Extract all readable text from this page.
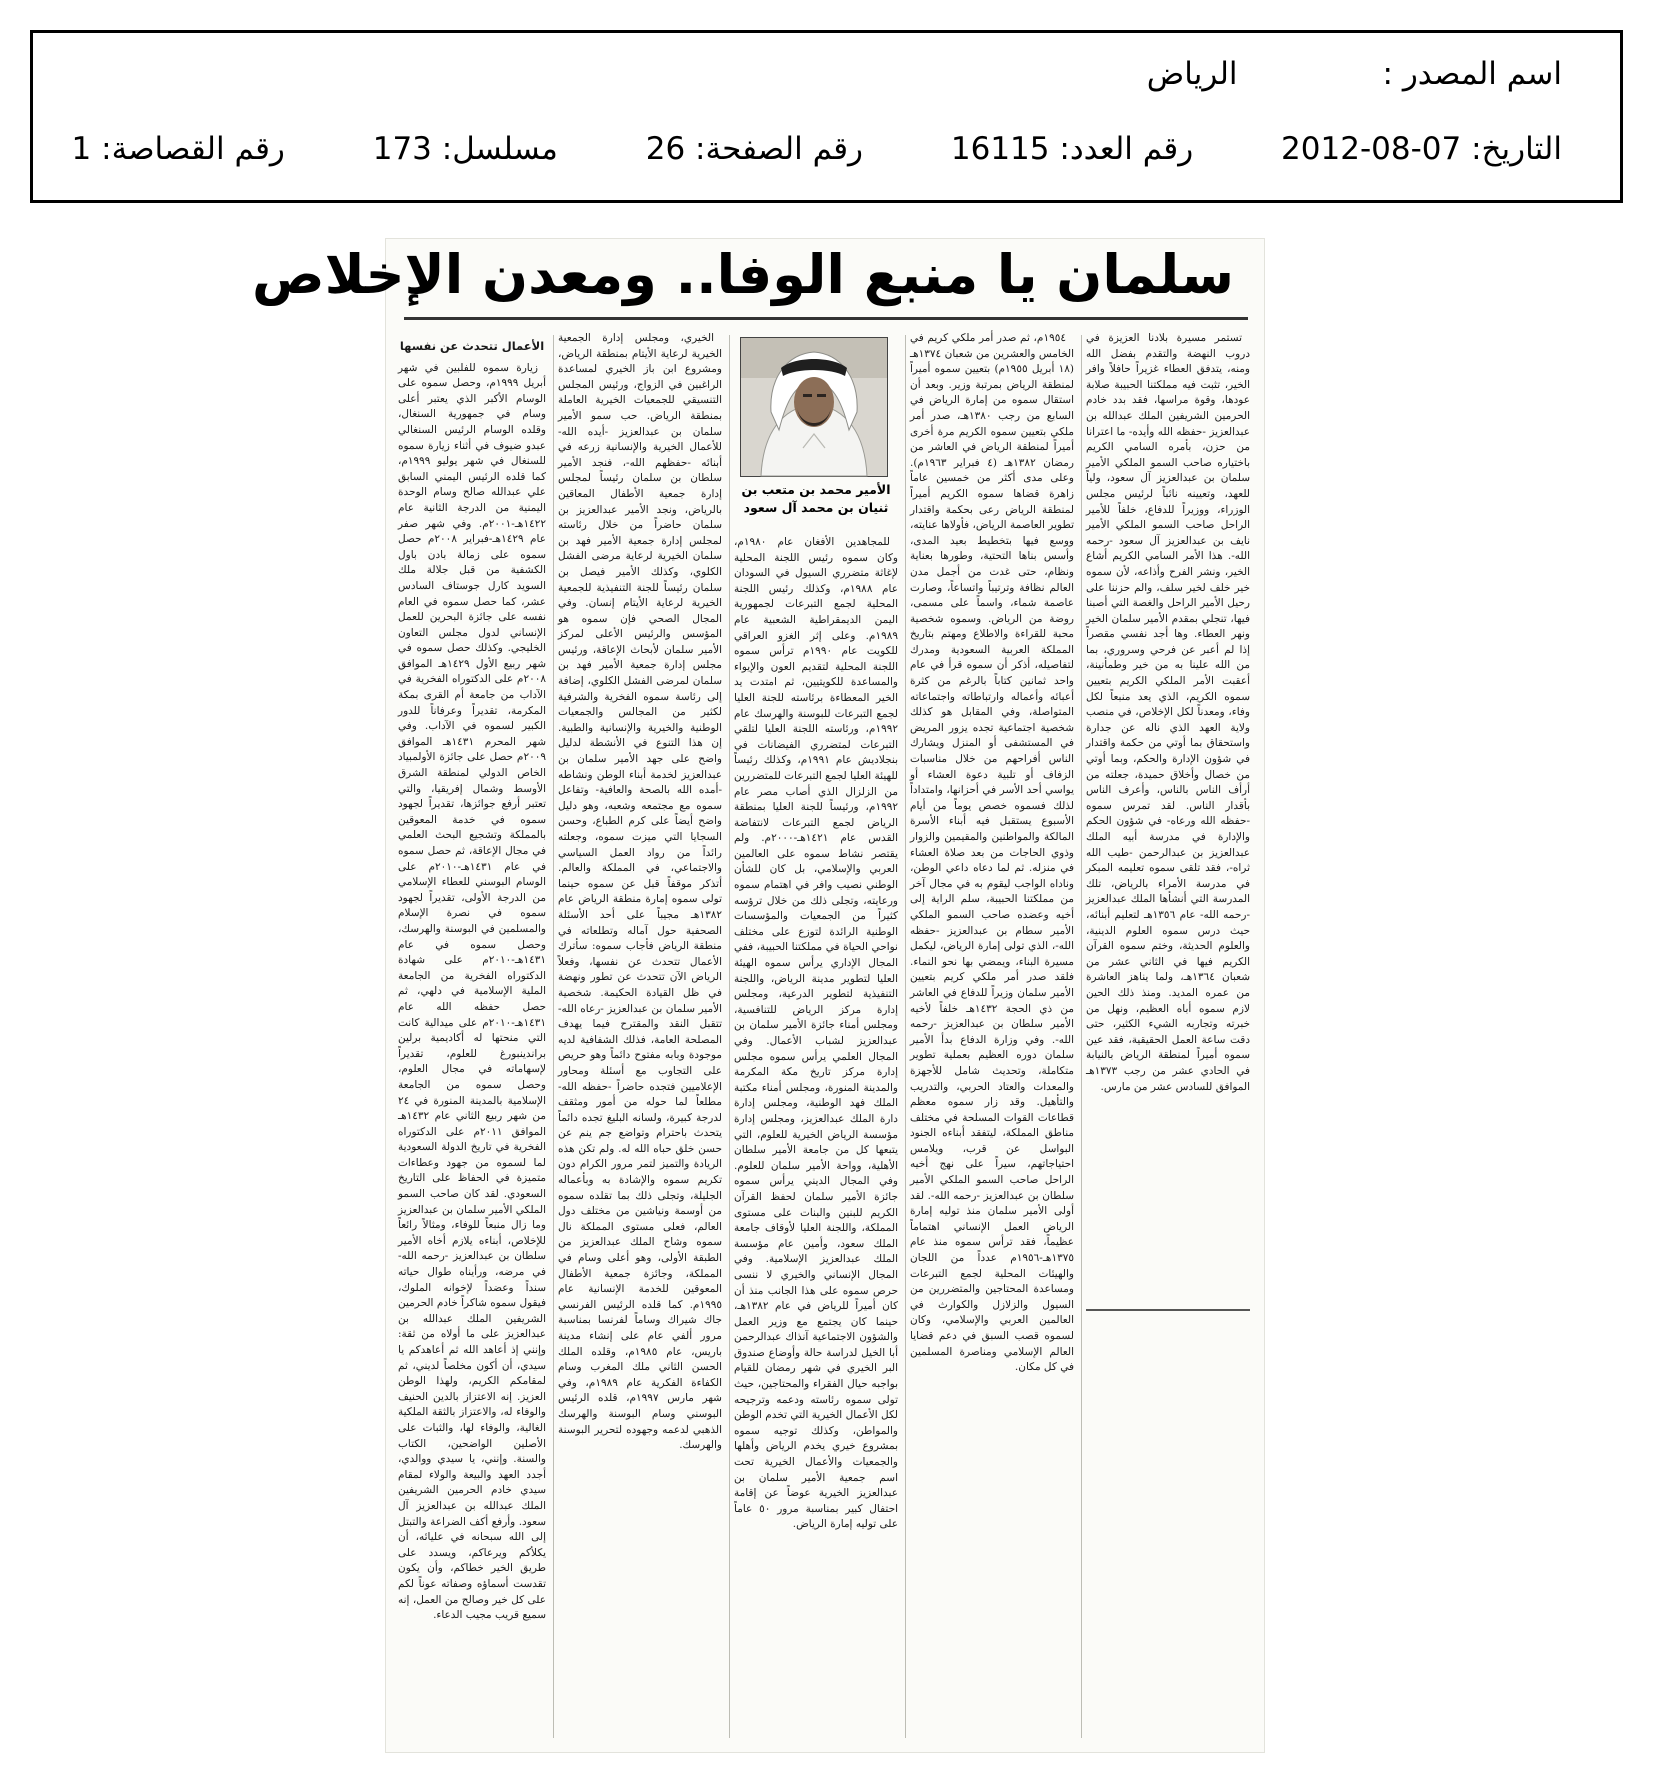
اسم المصدر :الرياض
التاريخ: 2012-08-07 رقم العدد: 16115 رقم الصفحة: 26 مسلسل: 173 رقم القصاصة: 1
سلمان يا منبع الوفا.. ومعدن الإخلاص

تستمر مسيرة بلادنا العزيزة في دروب النهضة والتقدم بفضل الله ومنه، يتدفق العطاء غزيراً حافلاً وافر الخير، تثبت فيه مملكتنا الحبيبة صلابة عودها، وقوة مراسها، فقد بدد خادم الحرمين الشريفين الملك عبدالله بن عبدالعزيز -حفظه الله وأيده- ما اعترانا من حزن، بأمره السامي الكريم باختياره صاحب السمو الملكي الأمير سلمان بن عبدالعزيز آل سعود، ولياً للعهد، وتعيينه نائباً لرئيس مجلس الوزراء، ووزيراً للدفاع، خلفاً للأمير الراحل صاحب السمو الملكي الأمير نايف بن عبدالعزيز آل سعود -رحمه الله-. هذا الأمر السامي الكريم أشاع الخير، ونشر الفرح وأذاعه، لأن سموه خير خلف لخير سلف، والم حزننا على رحيل الأمير الراحل والغصة التي أصبنا فيها، تنجلي بمقدم الأمير سلمان الخير ونهر العطاء. وها أجد نفسي مقصراً إذا لم أعبر عن فرحي وسروري، بما من الله علينا به من خير وطمأنينة، أعقبت الأمر الملكي الكريم بتعيين سموه الكريم، الذي يعد منبعاً لكل وفاء، ومعدناً لكل الإخلاص، في منصب ولاية العهد الذي ناله عن جدارة واستحقاق بما أوتي من حكمة واقتدار في شؤون الإدارة والحكم، وبما أوتي من خصال وأخلاق حميدة، جعلته من أرأف الناس بالناس، وأعرف الناس بأقدار الناس. لقد تمرس سموه -حفظه الله ورعاه- في شؤون الحكم والإدارة في مدرسة أبيه الملك عبدالعزيز بن عبدالرحمن -طيب الله ثراه-، فقد تلقى سموه تعليمه المبكر في مدرسة الأمراء بالرياض، تلك المدرسة التي أنشأها الملك عبدالعزيز -رحمه الله- عام ١٣٥٦هـ لتعليم أبنائه، حيث درس سموه العلوم الدينية، والعلوم الحديثة، وختم سموه القرآن الكريم فيها في الثاني عشر من شعبان ١٣٦٤هـ، ولما يناهز العاشرة من عمره المديد. ومنذ ذلك الحين لازم سموه أباه العظيم، ونهل من خبرته وتجاربه الشيء الكثير، حتى دقت ساعة العمل الحقيقية، فقد عين سموه أميراً لمنطقة الرياض بالنيابة في الحادي عشر من رجب ١٣٧٣هـ الموافق للسادس عشر من مارس.

١٩٥٤م، ثم صدر أمر ملكي كريم في الخامس والعشرين من شعبان ١٣٧٤هـ (١٨ أبريل ١٩٥٥م) بتعيين سموه أميراً لمنطقة الرياض بمرتبة وزير. وبعد أن استقال سموه من إمارة الرياض في السابع من رجب ١٣٨٠هـ، صدر أمر ملكي بتعيين سموه الكريم مرة أخرى أميراً لمنطقة الرياض في العاشر من رمضان ١٣٨٢هـ (٤ فبراير ١٩٦٣م). وعلى مدى أكثر من خمسين عاماً زاهرة قضاها سموه الكريم أميراً لمنطقة الرياض رعى بحكمة واقتدار تطوير العاصمة الرياض، فأولاها عنايته، ووسع فيها بتخطيط بعيد المدى، وأسس بناها التحتية، وطورها بعناية ونظام، حتى غدت من أجمل مدن العالم نظافة وترتيباً واتساعاً، وصارت عاصمة شماء، واسماً على مسمى، روضة من الرياض. وسموه شخصية محبة للقراءة والاطلاع ومهتم بتاريخ المملكة العربية السعودية ومدرك لتفاصيله، أذكر أن سموه قرأ في عام واحد ثمانين كتاباً بالرغم من كثرة أعبائه وأعماله وارتباطاته واجتماعاته المتواصلة، وفي المقابل هو كذلك شخصية اجتماعية تجده يزور المريض في المستشفى أو المنزل ويشارك الناس أفراحهم من خلال مناسبات الزفاف أو تلبية دعوة العشاء أو يواسي أحد الأسر في أحزانها، وامتداداً لذلك فسموه خصص يوماً من أيام الأسبوع يستقبل فيه أبناء الأسرة المالكة والمواطنين والمقيمين والزوار وذوي الحاجات من بعد صلاة العشاء في منزله. ثم لما دعاه داعي الوطن، وناداه الواجب ليقوم به في مجال آخر من مملكتنا الحبيبة، سلم الراية إلى أخيه وعضده صاحب السمو الملكي الأمير سطام بن عبدالعزيز -حفظه الله-، الذي تولى إمارة الرياض، ليكمل مسيرة البناء، ويمضي بها نحو النماء. فلقد صدر أمر ملكي كريم بتعيين الأمير سلمان وزيراً للدفاع في العاشر من ذي الحجة ١٤٣٢هـ خلفاً لأخيه الأمير سلطان بن عبدالعزيز -رحمه الله-. وفي وزارة الدفاع بدأ الأمير سلمان دوره العظيم بعملية تطوير متكاملة، وتحديث شامل للأجهزة والمعدات والعتاد الحربي، والتدريب والتأهيل. وقد زار سموه معظم قطاعات القوات المسلحة في مختلف مناطق المملكة، ليتفقد أبناءه الجنود البواسل عن قرب، ويلامس احتياجاتهم، سيراً على نهج أخيه الراحل صاحب السمو الملكي الأمير سلطان بن عبدالعزيز -رحمه الله-. لقد أولى الأمير سلمان منذ توليه إمارة الرياض العمل الإنساني اهتماماً عظيماً، فقد ترأس سموه منذ عام ١٣٧٥هـ-١٩٥٦م عدداً من اللجان والهيئات المحلية لجمع التبرعات ومساعدة المحتاجين والمتضررين من السيول والزلازل والكوارث في العالمين العربي والإسلامي، وكان لسموه قصب السبق في دعم قضايا العالم الإسلامي ومناصرة المسلمين في كل مكان.

الأمير محمد بن متعب بن
ثنيان بن محمد آل سعود

للمجاهدين الأفغان عام ١٩٨٠م، وكان سموه رئيس اللجنة المحلية لإغاثة متضرري السيول في السودان عام ١٩٨٨م، وكذلك رئيس اللجنة المحلية لجمع التبرعات لجمهورية اليمن الديمقراطية الشعبية عام ١٩٨٩م. وعلى إثر الغزو العراقي للكويت عام ١٩٩٠م ترأس سموه اللجنة المحلية لتقديم العون والإيواء والمساعدة للكويتيين، ثم امتدت يد الخير المعطاءة برئاسته للجنة العليا لجمع التبرعات للبوسنة والهرسك عام ١٩٩٢م، ورئاسته اللجنة العليا لتلقي التبرعات لمتضرري الفيضانات في بنجلاديش عام ١٩٩١م، وكذلك رئيساً للهيئة العليا لجمع التبرعات للمتضررين من الزلزال الذي أصاب مصر عام ١٩٩٢م، ورئيساً للجنة العليا بمنطقة الرياض لجمع التبرعات لانتفاضة القدس عام ١٤٢١هـ-٢٠٠٠م. ولم يقتصر نشاط سموه على العالمين العربي والإسلامي، بل كان للشأن الوطني نصيب وافر في اهتمام سموه ورعايته، وتجلى ذلك من خلال ترؤسه كثيراً من الجمعيات والمؤسسات الوطنية الرائدة لتوزع على مختلف نواحي الحياة في مملكتنا الحبيبة، ففي المجال الإداري يرأس سموه الهيئة العليا لتطوير مدينة الرياض، واللجنة التنفيذية لتطوير الدرعية، ومجلس إدارة مركز الرياض للتنافسية، ومجلس أمناء جائزة الأمير سلمان بن عبدالعزيز لشباب الأعمال. وفي المجال العلمي يرأس سموه مجلس إدارة مركز تاريخ مكة المكرمة والمدينة المنورة، ومجلس أمناء مكتبة الملك فهد الوطنية، ومجلس إدارة دارة الملك عبدالعزيز، ومجلس إدارة مؤسسة الرياض الخيرية للعلوم، التي يتبعها كل من جامعة الأمير سلطان الأهلية، وواحة الأمير سلمان للعلوم. وفي المجال الديني يرأس سموه جائزة الأمير سلمان لحفظ القرآن الكريم للبنين والبنات على مستوى المملكة، واللجنة العليا لأوقاف جامعة الملك سعود، وأمين عام مؤسسة الملك عبدالعزيز الإسلامية. وفي المجال الإنساني والخيري لا ننسى حرص سموه على هذا الجانب منذ أن كان أميراً للرياض في عام ١٣٨٢هـ، حينما كان يجتمع مع وزير العمل والشؤون الاجتماعية آنذاك عبدالرحمن أبا الخيل لدراسة حالة وأوضاع صندوق البر الخيري في شهر رمضان للقيام بواجبه حيال الفقراء والمحتاجين، حيث تولى سموه رئاسته ودعمه وترجيحه لكل الأعمال الخيرية التي تخدم الوطن والمواطن، وكذلك توجيه سموه بمشروع خيري يخدم الرياض وأهلها والجمعيات والأعمال الخيرية تحت اسم جمعية الأمير سلمان بن عبدالعزيز الخيرية عوضاً عن إقامة احتفال كبير بمناسبة مرور ٥٠ عاماً على توليه إمارة الرياض.

الخيري، ومجلس إدارة الجمعية الخيرية لرعاية الأيتام بمنطقة الرياض، ومشروع ابن باز الخيري لمساعدة الراغبين في الزواج، ورئيس المجلس التنسيقي للجمعيات الخيرية العاملة بمنطقة الرياض. حب سمو الأمير سلمان بن عبدالعزيز -أيده الله- للأعمال الخيرية والإنسانية زرعه في أبنائه -حفظهم الله-، فنجد الأمير سلطان بن سلمان رئيساً لمجلس إدارة جمعية الأطفال المعاقين بالرياض، ونجد الأمير عبدالعزيز بن سلمان حاضراً من خلال رئاسته لمجلس إدارة جمعية الأمير فهد بن سلمان الخيرية لرعاية مرضى الفشل الكلوي، وكذلك الأمير فيصل بن سلمان رئيساً للجنة التنفيذية للجمعية الخيرية لرعاية الأيتام إنسان. وفي المجال الصحي فإن سموه هو المؤسس والرئيس الأعلى لمركز الأمير سلمان لأبحاث الإعاقة، ورئيس مجلس إدارة جمعية الأمير فهد بن سلمان لمرضى الفشل الكلوي، إضافة إلى رئاسة سموه الفخرية والشرفية لكثير من المجالس والجمعيات الوطنية والخيرية والإنسانية والطبية. إن هذا التنوع في الأنشطة لدليل واضح على جهد الأمير سلمان بن عبدالعزيز لخدمة أبناء الوطن ونشاطه -أمده الله بالصحة والعافية- وتفاعل سموه مع مجتمعه وشعبه، وهو دليل واضح أيضاً على كرم الطباع، وحسن السجايا التي ميزت سموه، وجعلته رائداً من رواد العمل السياسي والاجتماعي، في المملكة والعالم. أتذكر موقفاً قبل عن سموه حينما تولى سموه إمارة منطقة الرياض عام ١٣٨٢هـ مجيباً على أحد الأسئلة الصحفية حول آماله وتطلعاته في منطقة الرياض فأجاب سموه: سأترك الأعمال تتحدث عن نفسها، وفعلاً الرياض الآن تتحدث عن تطور ونهضة في ظل القيادة الحكيمة. شخصية الأمير سلمان بن عبدالعزيز -رعاه الله- تتقبل النقد والمقترح فيما يهدف المصلحة العامة، فذلك الشفافية لديه موجودة وبابه مفتوح دائماً وهو حريص على التجاوب مع أسئلة ومحاور الإعلاميين فتجده حاضراً -حفظه الله- مطلعاً لما حوله من أمور ومثقف لدرجة كبيرة، ولسانه البليغ تجده دائماً يتحدث باحترام وتواضع جم ينم عن حسن خلق حباه الله له. ولم تكن هذه الريادة والتميز لتمر مرور الكرام دون تكريم سموه والإشادة به وبأعماله الجليلة، وتجلى ذلك بما تقلده سموه من أوسمة ونياشين من مختلف دول العالم، فعلى مستوى المملكة نال سموه وشاح الملك عبدالعزيز من الطبقة الأولى، وهو أعلى وسام في المملكة، وجائزة جمعية الأطفال المعوقين للخدمة الإنسانية عام ١٩٩٥م. كما قلده الرئيس الفرنسي جاك شيراك وساماً لفرنسا بمناسبة مرور ألفي عام على إنشاء مدينة باريس، عام ١٩٨٥م، وقلده الملك الحسن الثاني ملك المغرب وسام الكفاءة الفكرية عام ١٩٨٩م، وفي شهر مارس ١٩٩٧م، قلده الرئيس البوسني وسام البوسنة والهرسك الذهبي لدعمه وجهوده لتحرير البوسنة والهرسك.

الأعمال تتحدث عن نفسها

زيارة سموه للفلبين في شهر أبريل ١٩٩٩م، وحصل سموه على الوسام الأكبر الذي يعتبر أعلى وسام في جمهورية السنغال، وقلده الوسام الرئيس السنغالي عبدو ضيوف في أثناء زيارة سموه للسنغال في شهر يوليو ١٩٩٩م، كما قلده الرئيس اليمني السابق علي عبدالله صالح وسام الوحدة اليمنية من الدرجة الثانية عام ١٤٢٢هـ-٢٠٠١م. وفي شهر صفر عام ١٤٢٩هـ-فبراير ٢٠٠٨م حصل سموه على زمالة بادن باول الكشفية من قبل جلالة ملك السويد كارل جوستاف السادس عشر، كما حصل سموه في العام نفسه على جائزة البحرين للعمل الإنساني لدول مجلس التعاون الخليجي. وكذلك حصل سموه في شهر ربيع الأول ١٤٢٩هـ الموافق ٢٠٠٨م على الدكتوراه الفخرية في الآداب من جامعة أم القرى بمكة المكرمة، تقديراً وعرفاناً للدور الكبير لسموه في الآداب. وفي شهر المحرم ١٤٣١هـ الموافق ٢٠٠٩م حصل على جائزة الأولمبياد الخاص الدولي لمنطقة الشرق الأوسط وشمال إفريقيا، والتي تعتبر أرفع جوائزها، تقديراً لجهود سموه في خدمة المعوقين بالمملكة وتشجيع البحث العلمي في مجال الإعاقة، ثم حصل سموه في عام ١٤٣١هـ-٢٠١٠م على الوسام البوسني للعطاء الإسلامي من الدرجة الأولى، تقديراً لجهود سموه في نصرة الإسلام والمسلمين في البوسنة والهرسك، وحصل سموه في عام ١٤٣١هـ-٢٠١٠م على شهادة الدكتوراه الفخرية من الجامعة الملية الإسلامية في دلهي، ثم حصل حفظه الله عام ١٤٣١هـ-٢٠١٠م على ميدالية كانت التي منحتها له أكاديمية برلين براندينبورغ للعلوم، تقديراً لإسهاماته في مجال العلوم، وحصل سموه من الجامعة الإسلامية بالمدينة المنورة في ٢٤ من شهر ربيع الثاني عام ١٤٣٢هـ الموافق ٢٠١١م على الدكتوراه الفخرية في تاريخ الدولة السعودية لما لسموه من جهود وعطاءات متميزة في الحفاظ على التاريخ السعودي. لقد كان صاحب السمو الملكي الأمير سلمان بن عبدالعزيز وما زال منبعاً للوفاء، ومثالاً رائعاً للإخلاص، أبناءه يلازم أخاه الأمير سلطان بن عبدالعزيز -رحمه الله- في مرضه، ورأيناه طوال حياته سنداً وعضداً لإخوانه الملوك، فيقول سموه شاكراً خادم الحرمين الشريفين الملك عبدالله بن عبدالعزيز على ما أولاه من ثقة: وإنني إذ أعاهد الله ثم أعاهدكم يا سيدي، أن أكون مخلصاً لديني، ثم لمقامكم الكريم، ولهذا الوطن العزيز. إنه الاعتزاز بالدين الحنيف والوفاء له، والاعتزاز بالثقة الملكية الغالية، والوفاء لها، والثبات على الأصلين الواضحين، الكتاب والسنة. وإنني، يا سيدي ووالدي، أجدد العهد والبيعة والولاء لمقام سيدي خادم الحرمين الشريفين الملك عبدالله بن عبدالعزيز آل سعود. وأرفع أكف الضراعة والتبتل إلى الله سبحانه في عليائه، أن يكلأكم ويرعاكم، ويسدد على طريق الخير خطاكم، وأن يكون تقدست أسماؤه وصفاته عوناً لكم على كل خير وصالح من العمل، إنه سميع قريب مجيب الدعاء.
